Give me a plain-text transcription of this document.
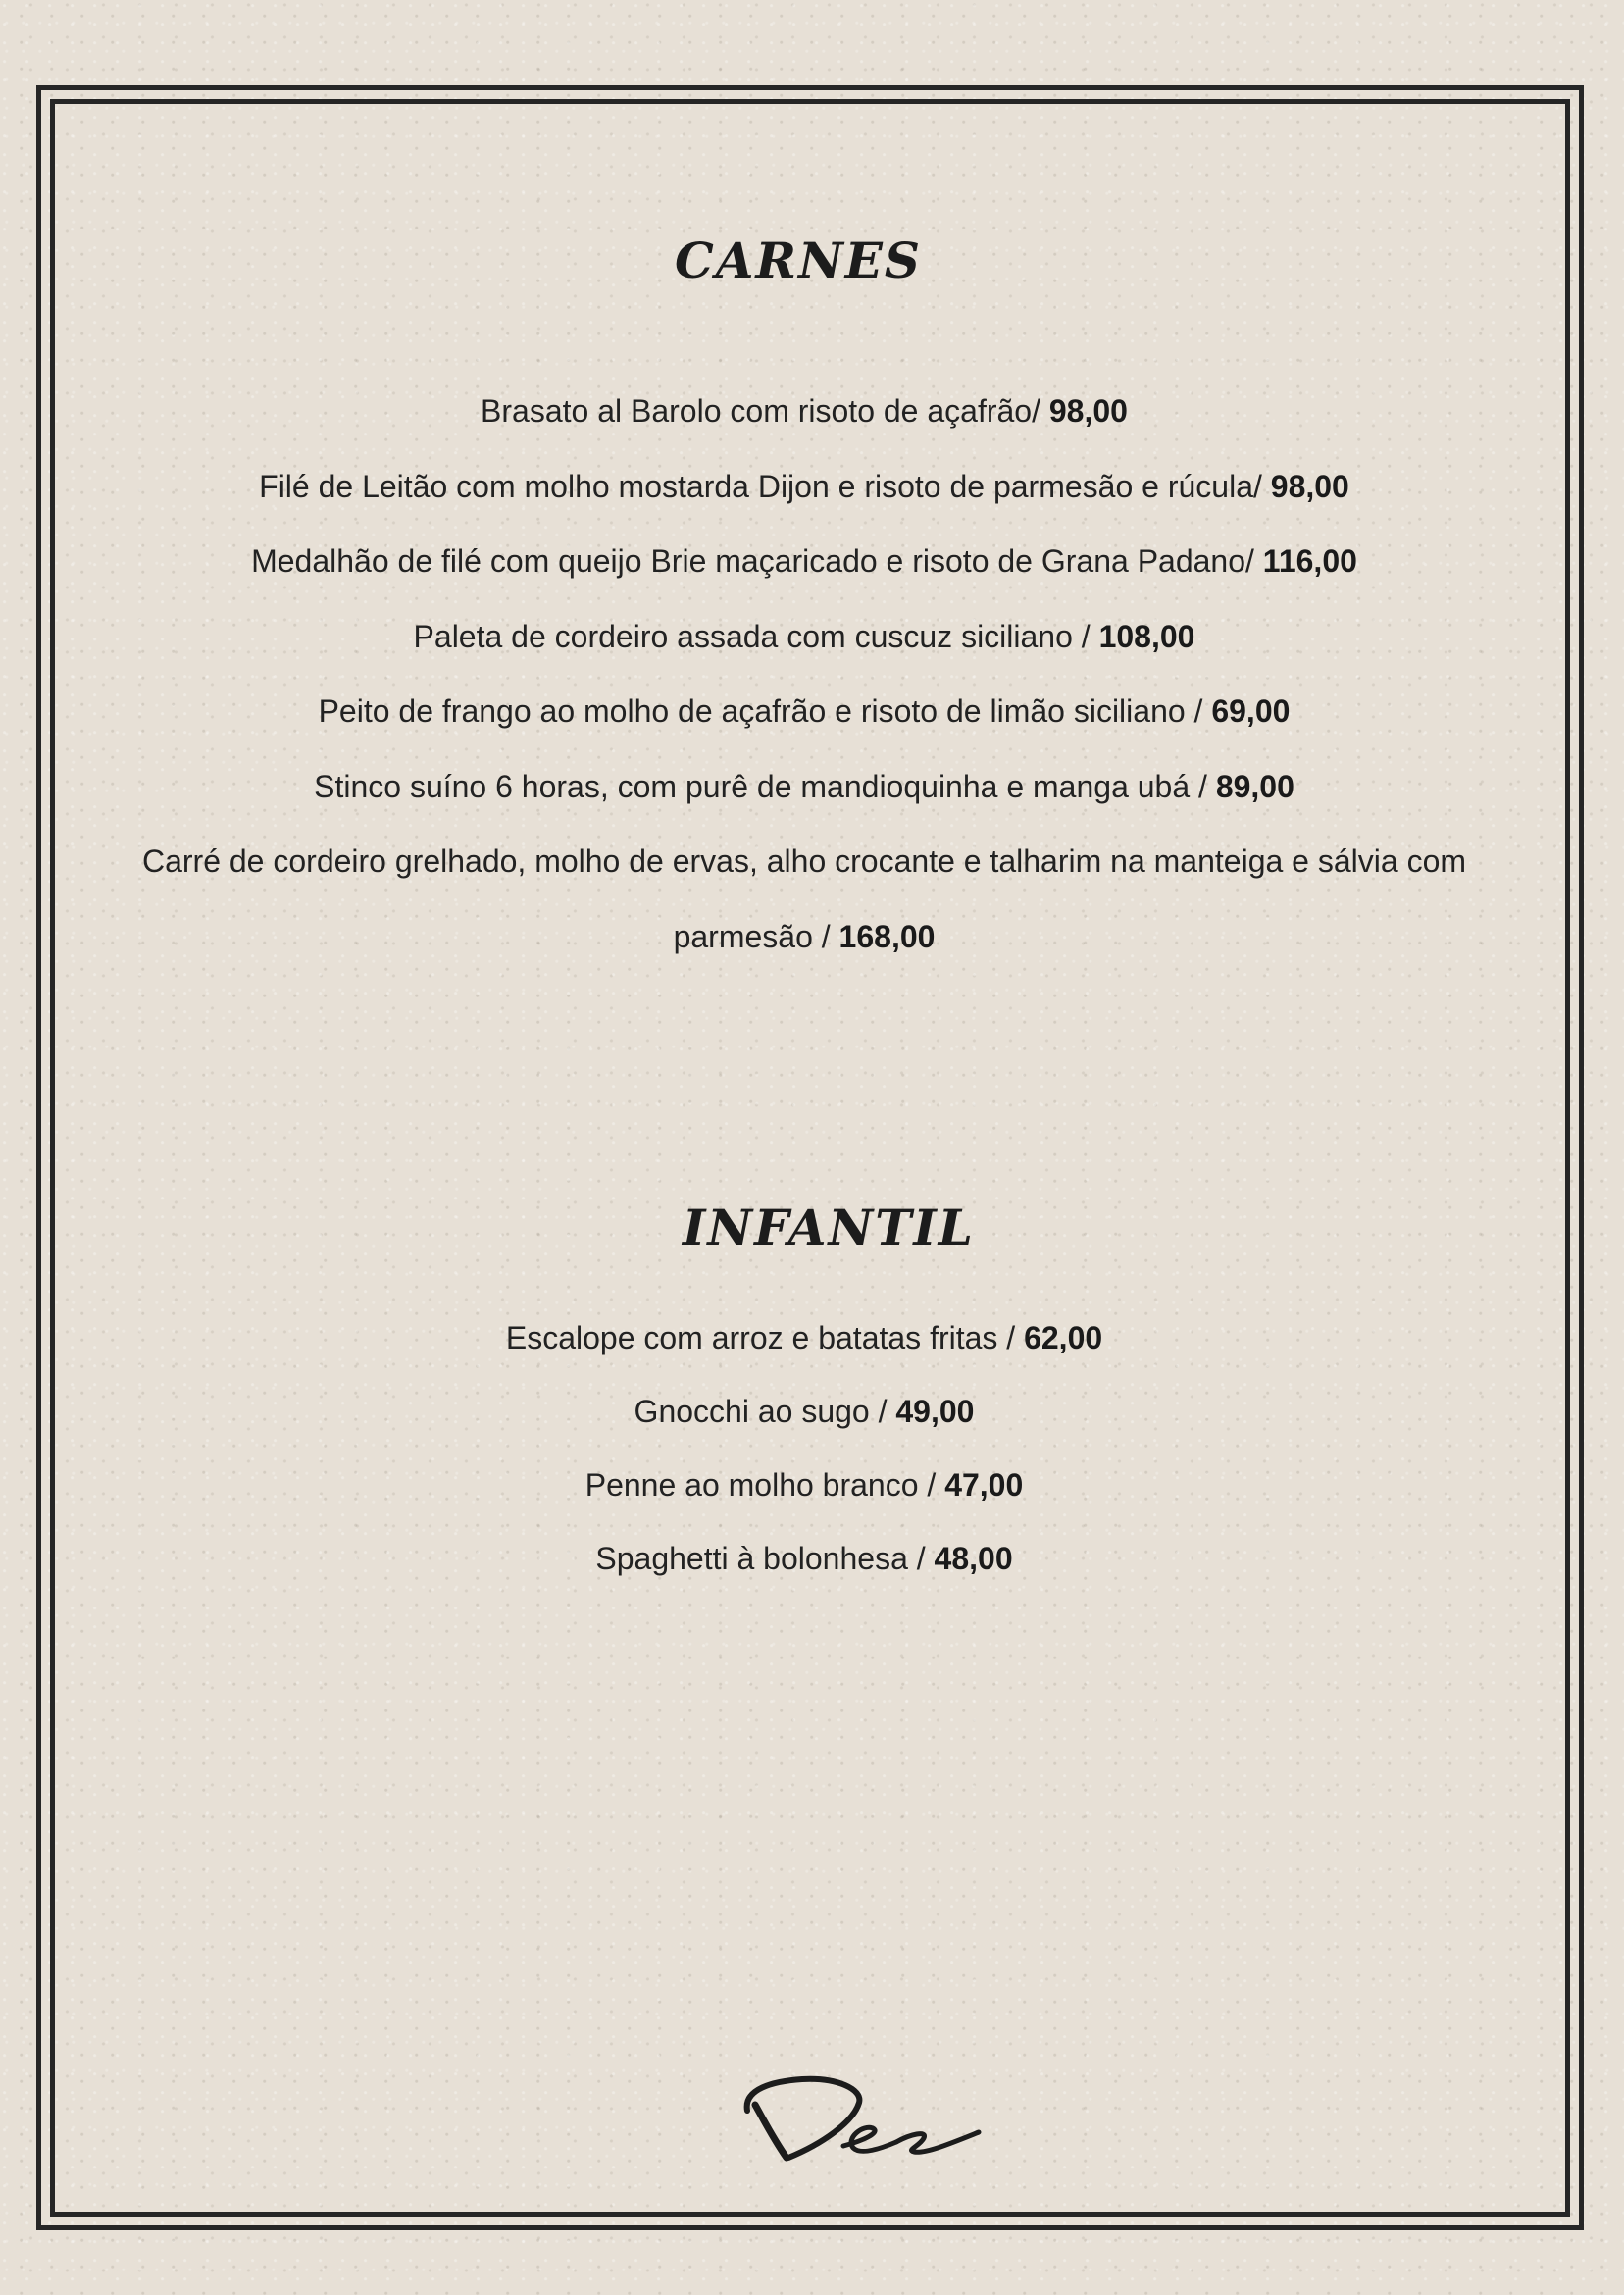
CARNES
Brasato al Barolo com risoto de açafrão/ 98,00
Filé de Leitão com molho mostarda Dijon e risoto de parmesão e rúcula/ 98,00
Medalhão de filé com queijo Brie maçaricado e risoto de Grana Padano/ 116,00
Paleta de cordeiro assada com cuscuz siciliano / 108,00
Peito de frango ao molho de açafrão e risoto de limão siciliano / 69,00
Stinco suíno 6 horas, com purê de mandioquinha e manga ubá / 89,00
Carré de cordeiro grelhado, molho de ervas, alho crocante e talharim na manteiga e sálvia com parmesão / 168,00
INFANTIL
Escalope com arroz e batatas fritas / 62,00
Gnocchi ao sugo / 49,00
Penne ao molho branco / 47,00
Spaghetti à bolonhesa / 48,00
